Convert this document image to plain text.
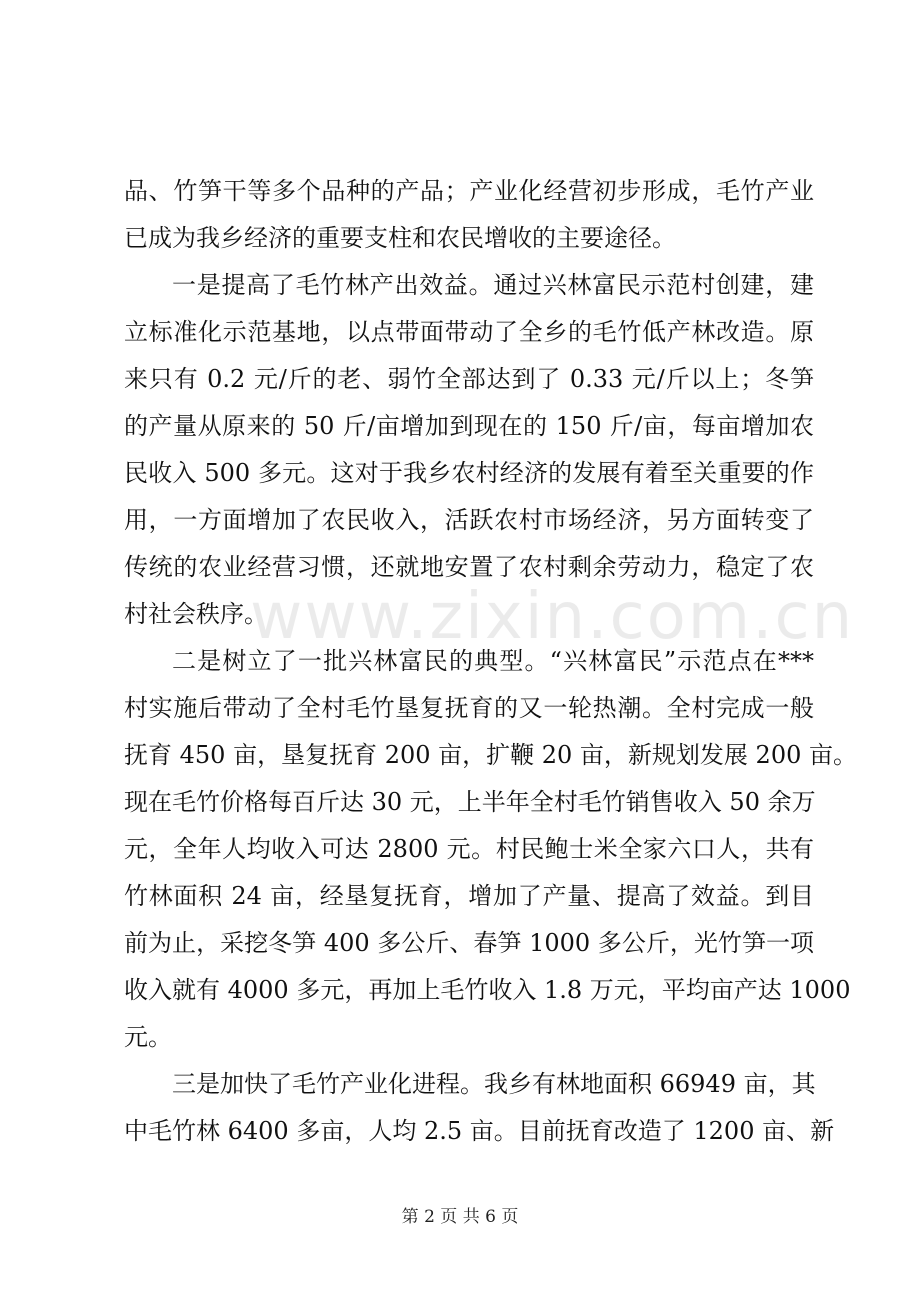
www.zixin.com.cn
品、竹笋干等多个品种的产品；产业化经营初步形成，毛竹产业
已成为我乡经济的重要支柱和农民增收的主要途径。
一是提高了毛竹林产出效益。通过兴林富民示范村创建，建
立标准化示范基地，以点带面带动了全乡的毛竹低产林改造。原
来只有 0.2 元/斤的老、弱竹全部达到了 0.33 元/斤以上；冬笋
的产量从原来的 50 斤/亩增加到现在的 150 斤/亩，每亩增加农
民收入 500 多元。这对于我乡农村经济的发展有着至关重要的作
用，一方面增加了农民收入，活跃农村市场经济，另方面转变了
传统的农业经营习惯，还就地安置了农村剩余劳动力，稳定了农
村社会秩序。
二是树立了一批兴林富民的典型。“兴林富民”示范点在***
村实施后带动了全村毛竹垦复抚育的又一轮热潮。全村完成一般
抚育 450 亩，垦复抚育 200 亩，扩鞭 20 亩，新规划发展 200 亩。
现在毛竹价格每百斤达 30 元，上半年全村毛竹销售收入 50 余万
元，全年人均收入可达 2800 元。村民鲍士米全家六口人，共有
竹林面积 24 亩，经垦复抚育，增加了产量、提高了效益。到目
前为止，采挖冬笋 400 多公斤、春笋 1000 多公斤，光竹笋一项
收入就有 4000 多元，再加上毛竹收入 1.8 万元，平均亩产达 1000
元。
三是加快了毛竹产业化进程。我乡有林地面积 66949 亩，其
中毛竹林 6400 多亩，人均 2.5 亩。目前抚育改造了 1200 亩、新
第 2 页 共 6 页
